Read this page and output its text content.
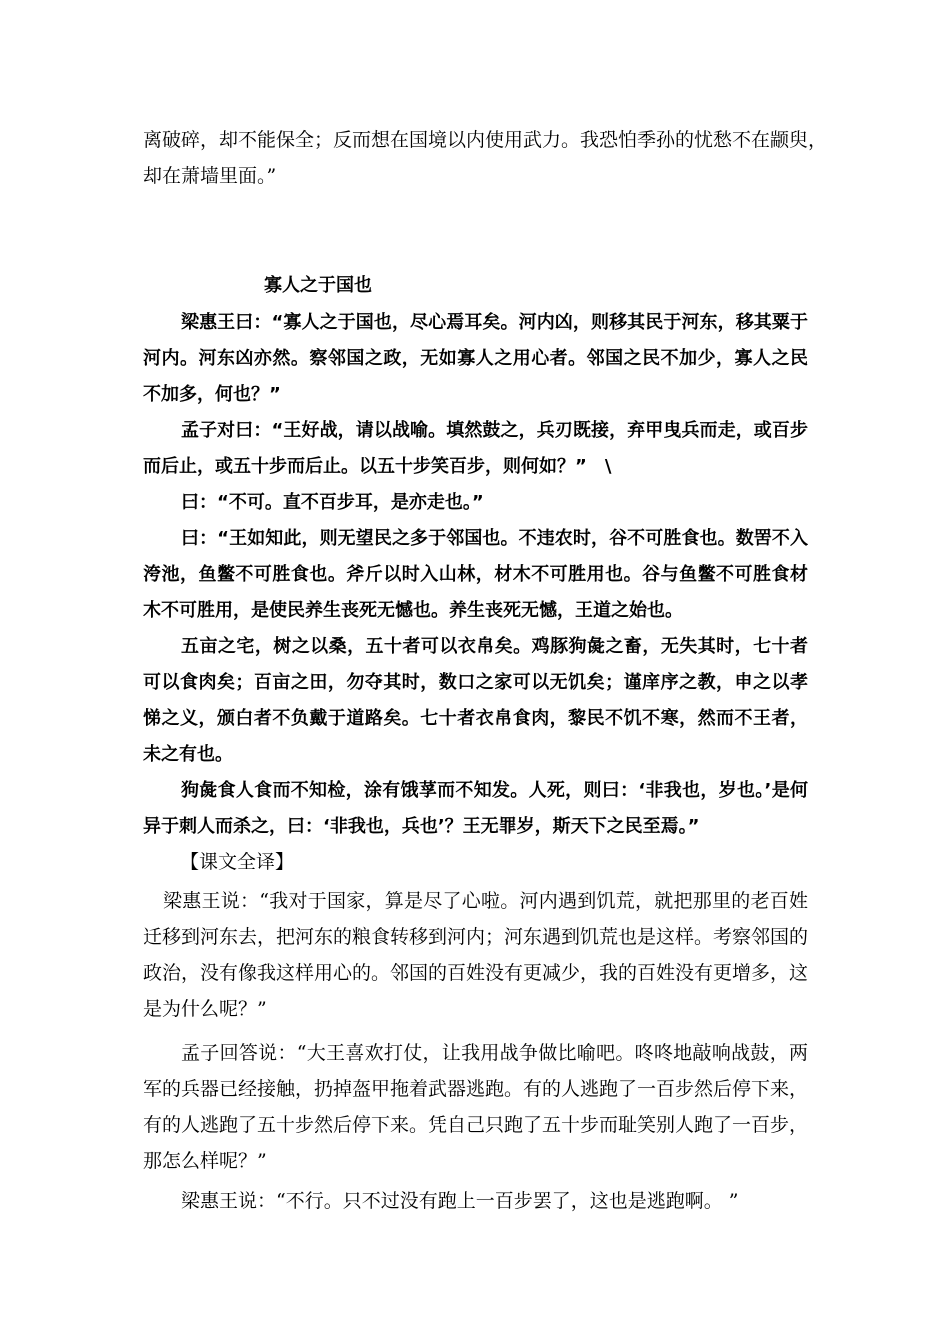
离破碎，却不能保全；反而想在国境以内使用武力。我恐怕季孙的忧愁不在颛臾，

却在萧墙里面。”

寡人之于国也

梁惠王曰：“寡人之于国也，尽心焉耳矣。河内凶，则移其民于河东，移其粟于河内。河东凶亦然。察邻国之政，无如寡人之用心者。邻国之民不加少，寡人之民不加多，何也？”

孟子对曰：“王好战，请以战喻。填然鼓之，兵刃既接，弃甲曳兵而走，或百步而后止，或五十步而后止。以五十步笑百步，则何如？”　\

曰：“不可。直不百步耳，是亦走也。”

曰：“王如知此，则无望民之多于邻国也。不违农时，谷不可胜食也。数罟不入洿池，鱼鳖不可胜食也。斧斤以时入山林，材木不可胜用也。谷与鱼鳖不可胜食材木不可胜用，是使民养生丧死无憾也。养生丧死无憾，王道之始也。

五亩之宅，树之以桑，五十者可以衣帛矣。鸡豚狗彘之畜，无失其时，七十者可以食肉矣；百亩之田，勿夺其时，数口之家可以无饥矣；谨庠序之教，申之以孝悌之义，颁白者不负戴于道路矣。七十者衣帛食肉，黎民不饥不寒，然而不王者，未之有也。

狗彘食人食而不知检，涂有饿莩而不知发。人死，则曰：‘非我也，岁也。’是何异于刺人而杀之，曰：‘非我也，兵也’？王无罪岁，斯天下之民至焉。”

【课文全译】

梁惠王说：“我对于国家，算是尽了心啦。河内遇到饥荒，就把那里的老百姓迁移到河东去，把河东的粮食转移到河内；河东遇到饥荒也是这样。考察邻国的政治，没有像我这样用心的。邻国的百姓没有更减少，我的百姓没有更增多，这是为什么呢？”

孟子回答说：“大王喜欢打仗，让我用战争做比喻吧。咚咚地敲响战鼓，两军的兵器已经接触，扔掉盔甲拖着武器逃跑。有的人逃跑了一百步然后停下来，有的人逃跑了五十步然后停下来。凭自己只跑了五十步而耻笑别人跑了一百步，那怎么样呢？”

梁惠王说：“不行。只不过没有跑上一百步罢了，这也是逃跑啊。 ”
